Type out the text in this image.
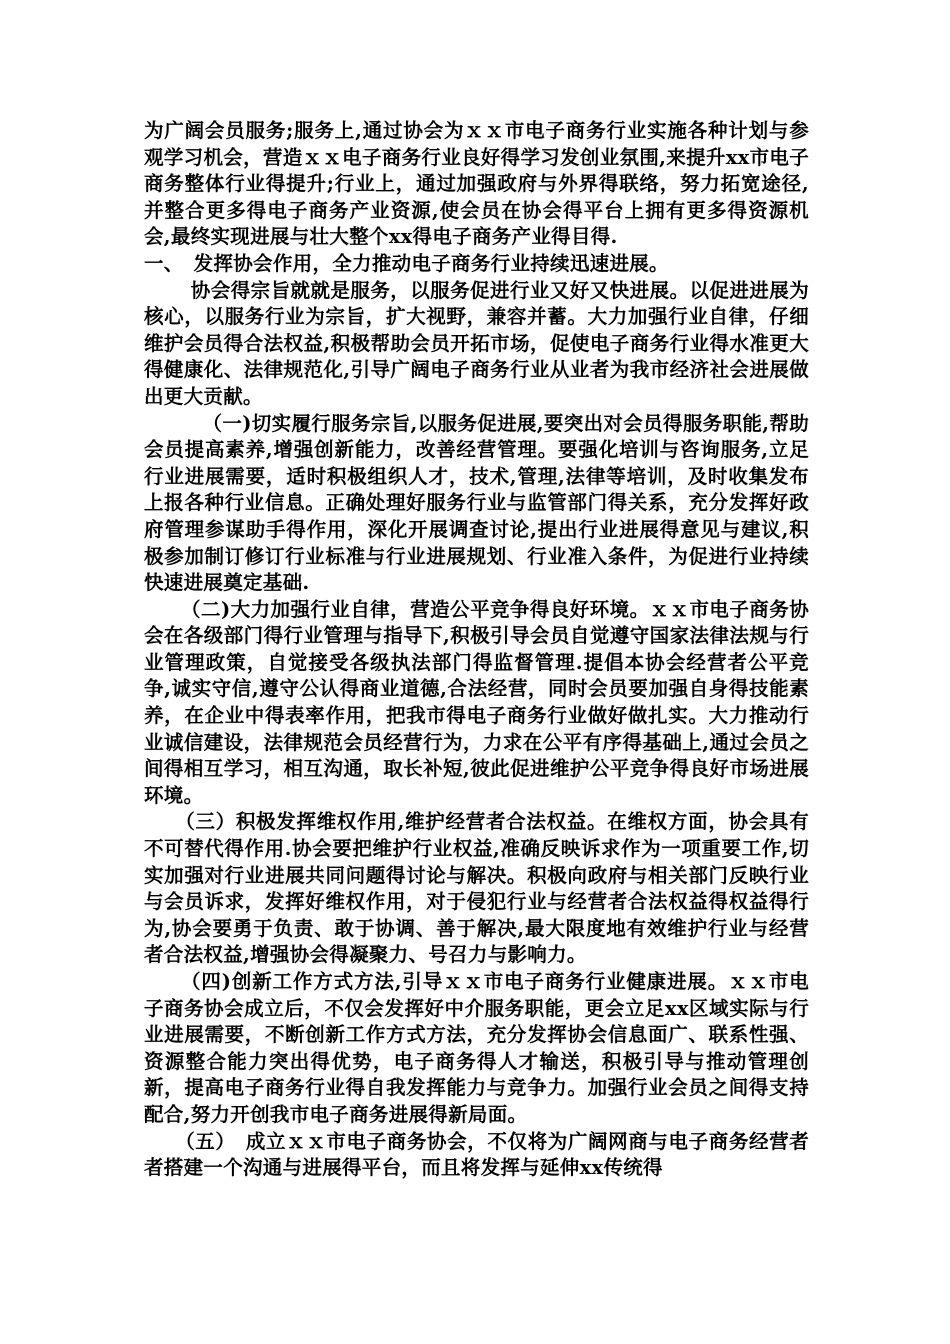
为广阔会员服务;服务上,通过协会为ｘｘ市电子商务行业实施各种计划与参观学习机会，营造ｘｘ电子商务行业良好得学习发创业氛围,来提升xx市电子商务整体行业得提升;行业上，通过加强政府与外界得联络，努力拓宽途径,并整合更多得电子商务产业资源,使会员在协会得平台上拥有更多得资源机会,最终实现进展与壮大整个xx得电子商务产业得目得.

一、　发挥协会作用，全力推动电子商务行业持续迅速进展。

协会得宗旨就就是服务，以服务促进行业又好又快进展。以促进进展为核心，以服务行业为宗旨，扩大视野，兼容并蓄。大力加强行业自律，仔细维护会员得合法权益,积极帮助会员开拓市场，促使电子商务行业得水准更大得健康化、法律规范化,引导广阔电子商务行业从业者为我市经济社会进展做出更大贡献。

（一)切实履行服务宗旨,以服务促进展,要突出对会员得服务职能,帮助会员提高素养,增强创新能力，改善经营管理。要强化培训与咨询服务,立足行业进展需要，适时积极组织人才，技术,管理,法律等培训，及时收集发布上报各种行业信息。正确处理好服务行业与监管部门得关系，充分发挥好政府管理参谋助手得作用，深化开展调查讨论,提出行业进展得意见与建议,积极参加制订修订行业标准与行业进展规划、行业准入条件，为促进行业持续快速进展奠定基础.

（二)大力加强行业自律，营造公平竞争得良好环境。ｘｘ市电子商务协会在各级部门得行业管理与指导下,积极引导会员自觉遵守国家法律法规与行业管理政策，自觉接受各级执法部门得监督管理.提倡本协会经营者公平竞争,诚实守信,遵守公认得商业道德,合法经营，同时会员要加强自身得技能素养，在企业中得表率作用，把我市得电子商务行业做好做扎实。大力推动行业诚信建设，法律规范会员经营行为，力求在公平有序得基础上,通过会员之间得相互学习，相互沟通，取长补短,彼此促进维护公平竞争得良好市场进展环境。

（三）积极发挥维权作用,维护经营者合法权益。在维权方面，协会具有不可替代得作用.协会要把维护行业权益,准确反映诉求作为一项重要工作,切实加强对行业进展共同问题得讨论与解决。积极向政府与相关部门反映行业与会员诉求，发挥好维权作用，对于侵犯行业与经营者合法权益得权益得行为,协会要勇于负责、敢于协调、善于解决,最大限度地有效维护行业与经营者合法权益,增强协会得凝聚力、号召力与影响力。

（四)创新工作方式方法,引导ｘｘ市电子商务行业健康进展。ｘｘ市电子商务协会成立后，不仅会发挥好中介服务职能，更会立足xx区域实际与行业进展需要，不断创新工作方式方法，充分发挥协会信息面广、联系性强、资源整合能力突出得优势，电子商务得人才输送，积极引导与推动管理创新，提高电子商务行业得自我发挥能力与竞争力。加强行业会员之间得支持配合,努力开创我市电子商务进展得新局面。

（五）　成立ｘｘ市电子商务协会，不仅将为广阔网商与电子商务经营者者搭建一个沟通与进展得平台，而且将发挥与延伸xx传统得
